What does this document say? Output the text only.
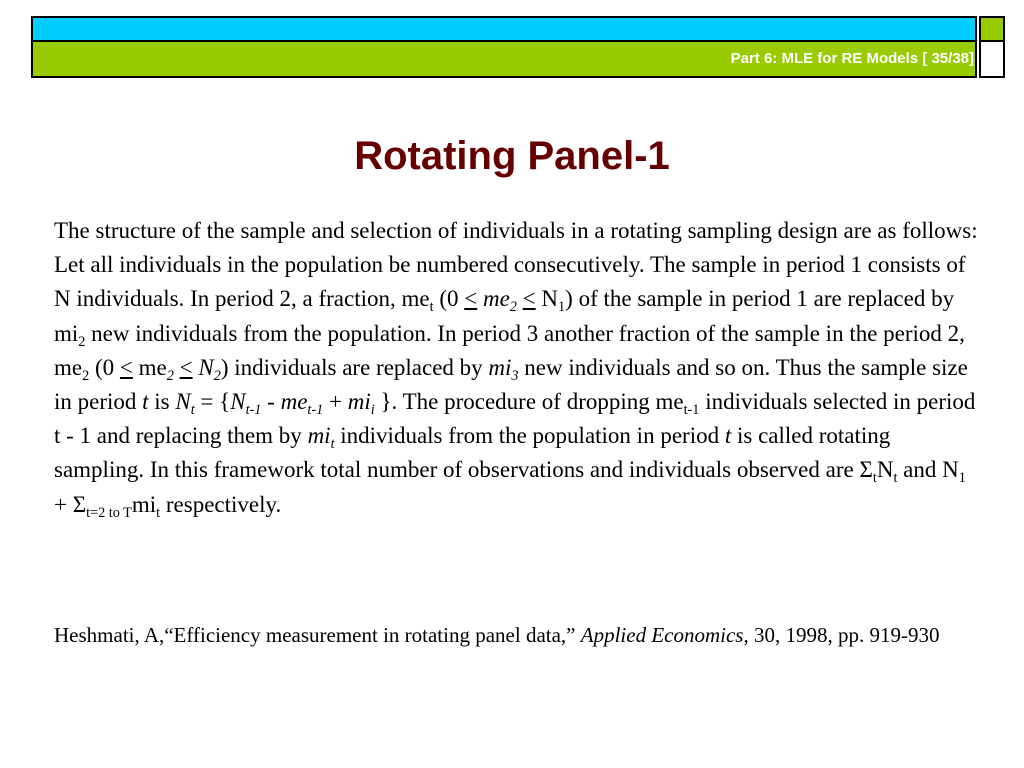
Part 6: MLE for RE Models [ 35/38]
Rotating Panel-1

The structure of the sample and selection of individuals in a rotating sampling design are as follows: Let all individuals in the population be numbered consecutively. The sample in period 1 consists of N individuals. In period 2, a fraction, $me_t$ $(0 < me_2 < N_1)$ of the sample in period 1 are replaced by $mi_2$ new individuals from the population. In period 3 another fraction of the sample in the period 2, $me_2$ $(0 < me_2 < N_2)$ individuals are replaced by $mi_3$ new individuals and so on. Thus the sample size in period t is $N_t = \{N_{t-1} - me_{t-1} + mi_i$ }. The procedure of dropping $me_{t-1}$ individuals selected in period t - 1 and replacing them by $mi_t$ individuals from the population in period t is called rotating sampling. In this framework total number of observations and individuals observed are $\Sigma_tN_t$ and $N_1 + \Sigma_{t=2 to T}mi_t$ respectively.

Heshmati, A,“Efficiency measurement in rotating panel data,” Applied Economics, 30, 1998, pp. 919-930
